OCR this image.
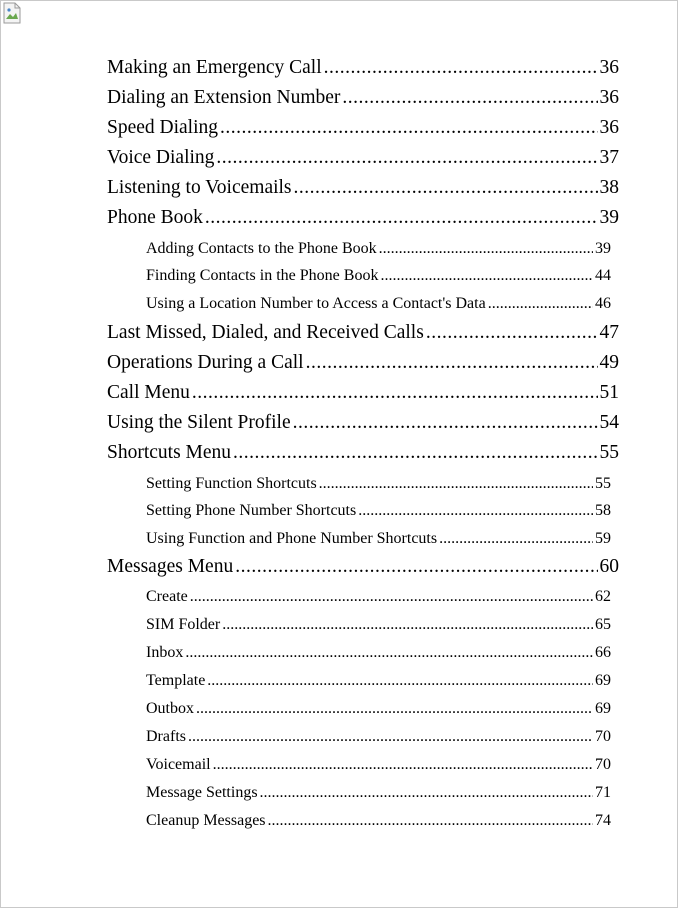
Making an Emergency Call .....	36
Dialing an Extension Number .....	36
Speed Dialing .....	36
Voice Dialing .....	37
Listening to Voicemails .....	38
Phone Book .....	39
Adding Contacts to the Phone Book .....	39
Finding Contacts in the Phone Book .....	44
Using a Location Number to Access a Contact's Data .....	46
Last Missed, Dialed, and Received Calls .....	47
Operations During a Call .....	49
Call Menu .....	51
Using the Silent Profile .....	54
Shortcuts Menu .....	55
Setting Function Shortcuts .....	55
Setting Phone Number Shortcuts .....	58
Using Function and Phone Number Shortcuts .....	59
Messages Menu .....	60
Create .....	62
SIM Folder .....	65
Inbox .....	66
Template .....	69
Outbox .....	69
Drafts .....	70
Voicemail .....	70
Message Settings .....	71
Cleanup Messages .....	74
